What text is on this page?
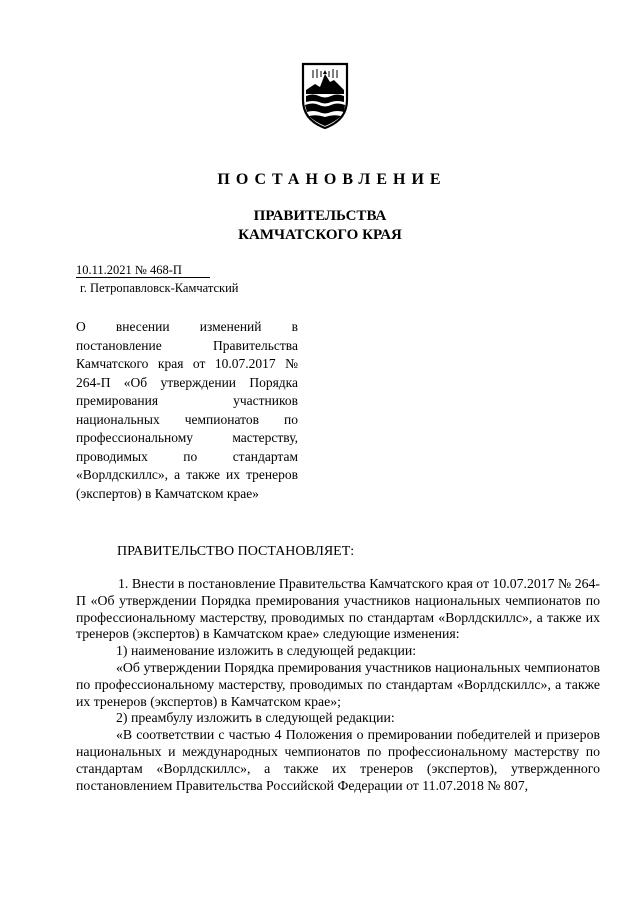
ПОСТАНОВЛЕНИЕ
ПРАВИТЕЛЬСТВА
КАМЧАТСКОГО КРАЯ
10.11.2021 № 468-П
г. Петропавловск-Камчатский
О внесении изменений в постановление Правительства Камчатского края от 10.07.2017 № 264-П «Об утверждении Порядка премирования участников национальных чемпионатов по профессиональному мастерству, проводимых по стандартам «Ворлдскиллс», а также их тренеров (экспертов) в Камчатском крае»
ПРАВИТЕЛЬСТВО ПОСТАНОВЛЯЕТ:

1. Внести в постановление Правительства Камчатского края от 10.07.2017 № 264-П «Об утверждении Порядка премирования участников национальных чемпионатов по профессиональному мастерству, проводимых по стандартам «Ворлдскиллс», а также их тренеров (экспертов) в Камчатском крае» следующие изменения:

1) наименование изложить в следующей редакции:

«Об утверждении Порядка премирования участников национальных чемпионатов по профессиональному мастерству, проводимых по стандартам «Ворлдскиллс», а также их тренеров (экспертов) в Камчатском крае»;

2) преамбулу изложить в следующей редакции:

«В соответствии с частью 4 Положения о премировании победителей и призеров национальных и международных чемпионатов по профессиональному мастерству по стандартам «Ворлдскиллс», а также их тренеров (экспертов), утвержденного постановлением Правительства Российской Федерации от 11.07.2018 № 807,
